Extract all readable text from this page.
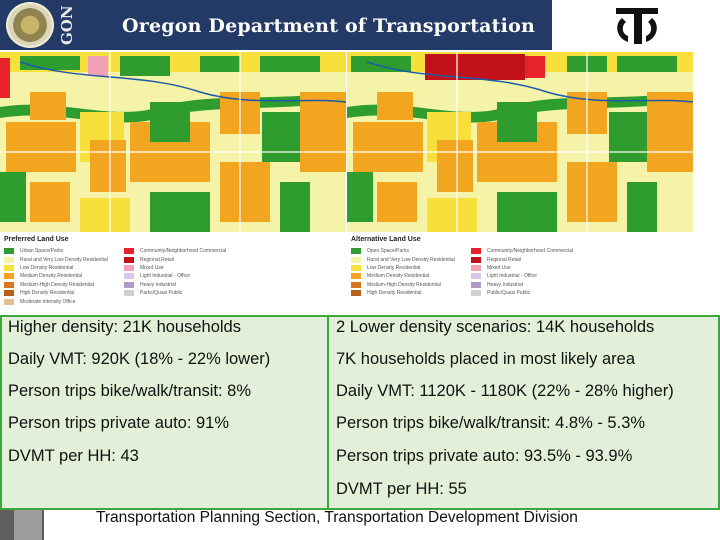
GON	Oregon Department of Transportation
Preferred Land Use
Urban Space/Parks
Rural and Very Low Density Residential
Low Density Residential
Medium Density Residential
Medium-High Density Residential
High Density Residential
Moderate Intensity Office
Community/Neighborhood Commercial
Regional Retail
Mixed Use
Light Industrial - Office
Heavy Industrial
Parks/Quasi Public
Alternative Land Use
Open Space/Parks
Rural and Very Low Density Residential
Low Density Residential
Medium Density Residential
Medium-High Density Residential
High Density Residential
Community/Neighborhood Commercial
Regional Retail
Mixed Use
Light Industrial - Office
Heavy Industrial
Public/Quasi Public
Higher density: 21K households
Daily VMT: 920K (18% - 22% lower)
Person trips bike/walk/transit: 8%
Person trips private auto: 91%
DVMT per HH: 43
2 Lower density scenarios: 14K households
7K households placed in most likely area
Daily VMT: 1120K - 1180K (22% - 28% higher)
Person trips bike/walk/transit: 4.8% - 5.3%
Person trips private auto: 93.5% - 93.9%
DVMT per HH: 55
Transportation Planning Section, Transportation Development Division
